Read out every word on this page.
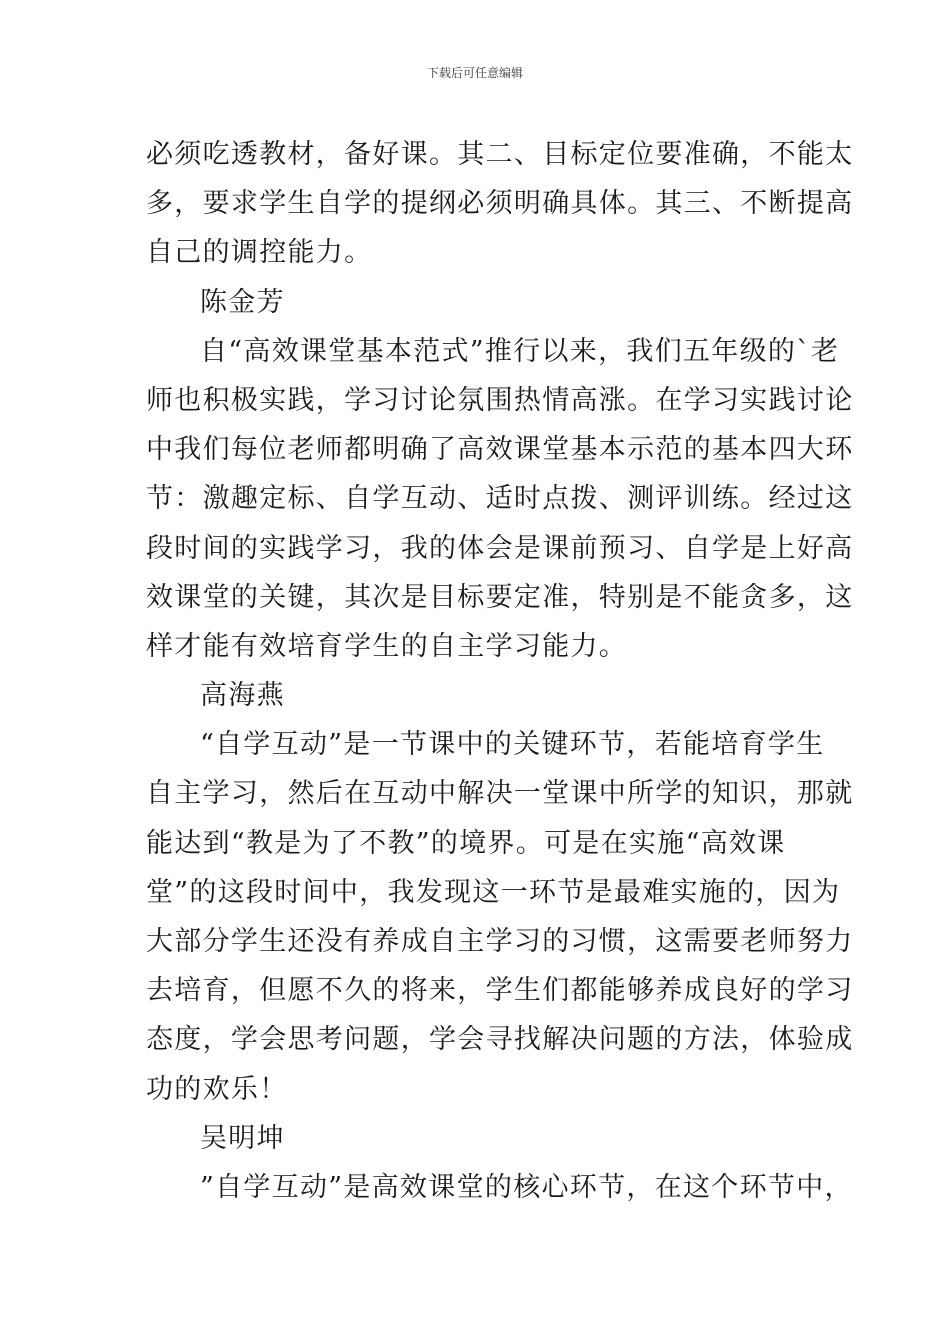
下载后可任意编辑
必须吃透教材，备好课。其二、目标定位要准确，不能太
多，要求学生自学的提纲必须明确具体。其三、不断提高
自己的调控能力。
陈金芳
自“高效课堂基本范式”推行以来，我们五年级的`老
师也积极实践，学习讨论氛围热情高涨。在学习实践讨论
中我们每位老师都明确了高效课堂基本示范的基本四大环
节：激趣定标、自学互动、适时点拨、测评训练。经过这
段时间的实践学习，我的体会是课前预习、自学是上好高
效课堂的关键，其次是目标要定准，特别是不能贪多，这
样才能有效培育学生的自主学习能力。
高海燕
“自学互动”是一节课中的关键环节，若能培育学生
自主学习，然后在互动中解决一堂课中所学的知识，那就
能达到“教是为了不教”的境界。可是在实施“高效课
堂”的这段时间中，我发现这一环节是最难实施的，因为
大部分学生还没有养成自主学习的习惯，这需要老师努力
去培育，但愿不久的将来，学生们都能够养成良好的学习
态度，学会思考问题，学会寻找解决问题的方法，体验成
功的欢乐！
吴明坤
”自学互动”是高效课堂的核心环节，在这个环节中，
